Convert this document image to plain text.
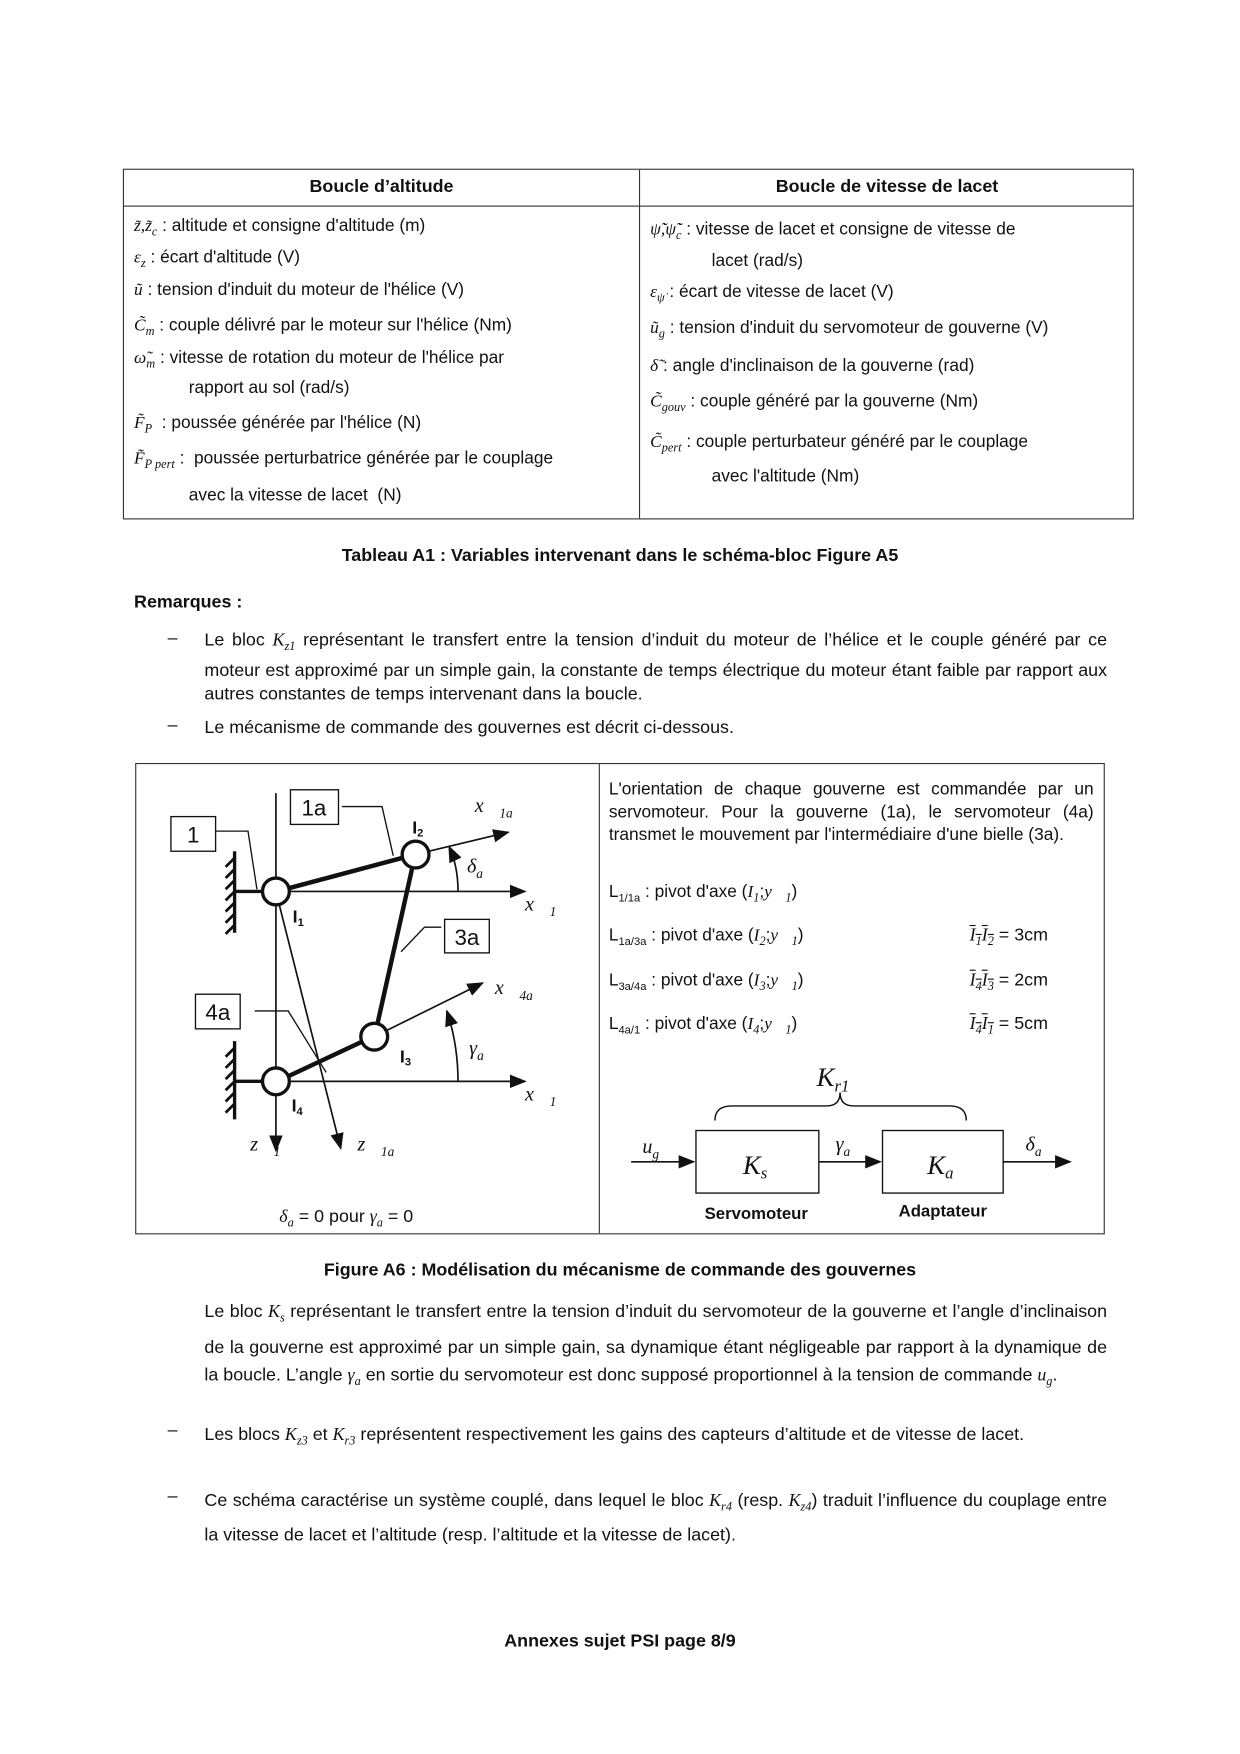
Boucle d’altitude	Boucle de vitesse de lacet
$z̃,z̃_c$ : altitude et consigne d'altitude (m)
$\varepsilon_z$ : écart d'altitude (V)
ũ : tension d'induit du moteur de l'hélice (V)
$C̃_m$ : couple délivré par le moteur sur l'hélice (Nm)
$\omegã_m$ : vitesse de rotation du moteur de l'hélice par
rapport au sol (rad/s)
$F̃_P$  : poussée générée par l'hélice (N)
$F̃_{P pert}$ :  poussée perturbatrice générée par le couplage
avec la vitesse de lacet  (N)
$\psĩ̇,\psĩ̇_c$ : vitesse de lacet et consigne de vitesse de
lacet (rad/s)
$\varepsilon_{\psi̇}$ : écart de vitesse de lacet (V)
$ũ_g$ : tension d'induit du servomoteur de gouverne (V)
δ̃ : angle d'inclinaison de la gouverne (rad)
$C̃_{gouv}$ : couple généré par la gouverne (Nm)
$C̃_{pert}$ : couple perturbateur généré par le couplage
avec l'altitude (Nm)
Tableau A1 : Variables intervenant dans le schéma-bloc Figure A5
Remarques :
– Le bloc $K_{z1}$ représentant le transfert entre la tension d’induit du moteur de l’hélice et le couple généré par ce moteur est approximé par un simple gain, la constante de temps électrique du moteur étant faible par rapport aux autres constantes de temps intervenant dans la boucle.
– Le mécanisme de commande des gouvernes est décrit ci-dessous.
1
1a
3a
4a
I1
I2
I3
I4
$x⃗_{1a}$
$x⃗_1$
$x⃗_{4a}$
$x⃗_1$
$z⃗_1$	$z⃗_{1a}$
$\delta_a$
$\gamma_a$
$K_{r1}$
$u_g$	$\gamma_a$	$\delta_a$
Ks	Ka
Servomoteur	Adaptateur
$\delta_a = 0$ pour $\gamma_a = 0$
L'orientation de chaque gouverne est commandée par un servomoteur. Pour la gouverne (1a), le servomoteur (4a) transmet le mouvement par l'intermédiaire d'une bielle (3a).
$L_{1/1a}$ : pivot d'axe $(I_1;y⃗_1)$
$L_{1a/3a}$ : pivot d'axe $(I_2;y⃗_1)$	$I_1I_2 = 3cm$
$L_{3a/4a}$ : pivot d'axe $(I_3;y⃗_1)$	$I_4I_3 = 2cm$
$L_{4a/1}$ : pivot d'axe $(I_4;y⃗_1)$	$I_4I_1 = 5cm$
Figure A6 : Modélisation du mécanisme de commande des gouvernes
Le bloc $K_s$ représentant le transfert entre la tension d’induit du servomoteur de la gouverne et l’angle d’inclinaison de la gouverne est approximé par un simple gain, sa dynamique étant négligeable par rapport à la dynamique de la boucle. L’angle $\gamma_a$ en sortie du servomoteur est donc supposé proportionnel à la tension de commande $u_g$.
– Les blocs $K_{z3}$ et $K_{r3}$ représentent respectivement les gains des capteurs d’altitude et de vitesse de lacet.
– Ce schéma caractérise un système couplé, dans lequel le bloc $K_{r4}$ (resp. $K_{z4}$) traduit l’influence du couplage entre la vitesse de lacet et l’altitude (resp. l’altitude et la vitesse de lacet).
Annexes sujet PSI page 8/9
